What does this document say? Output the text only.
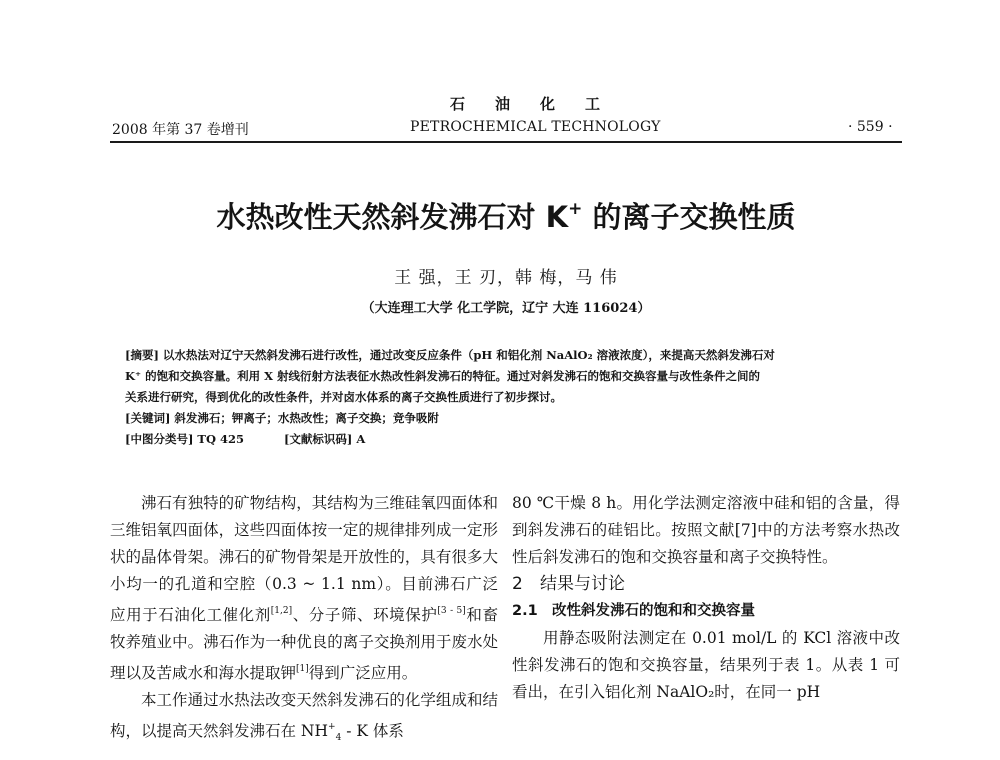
石油化工
2008 年第 37 卷增刊	PETROCHEMICAL TECHNOLOGY	· 559 ·
水热改性天然斜发沸石对 K+ 的离子交换性质
王 强，王 刃，韩 梅，马 伟
（大连理工大学 化工学院，辽宁 大连 116024）

[摘要] 以水热法对辽宁天然斜发沸石进行改性，通过改变反应条件（pH 和铝化剂 NaAlO₂ 溶液浓度），来提高天然斜发沸石对

K⁺ 的饱和交换容量。利用 X 射线衍射方法表征水热改性斜发沸石的特征。通过对斜发沸石的饱和交换容量与改性条件之间的

关系进行研究，得到优化的改性条件，并对卤水体系的离子交换性质进行了初步探讨。

[关键词] 斜发沸石；钾离子；水热改性；离子交换；竞争吸附

[中图分类号] TQ 425	[文献标识码] A

沸石有独特的矿物结构，其结构为三维硅氧四面体和三维铝氧四面体，这些四面体按一定的规律排列成一定形状的晶体骨架。沸石的矿物骨架是开放性的，具有很多大小均一的孔道和空腔（0.3 ~ 1.1 nm）。目前沸石广泛应用于石油化工催化剂[1,2]、分子筛、环境保护[3 - 5]和畜牧养殖业中。沸石作为一种优良的离子交换剂用于废水处理以及苦咸水和海水提取钾[1]得到广泛应用。

本工作通过水热法改变天然斜发沸石的化学组成和结构，以提高天然斜发沸石在 $NH^+_4$ - K 体系

80 ℃干燥 8 h。用化学法测定溶液中硅和铝的含量，得到斜发沸石的硅铝比。按照文献[7]中的方法考察水热改性后斜发沸石的饱和交换容量和离子交换特性。

2 结果与讨论

2.1 改性斜发沸石的饱和和交换容量

用静态吸附法测定在 0.01 mol/L 的 KCl 溶液中改性斜发沸石的饱和交换容量，结果列于表 1。从表 1 可看出，在引入铝化剂 NaAlO₂时，在同一 pH
